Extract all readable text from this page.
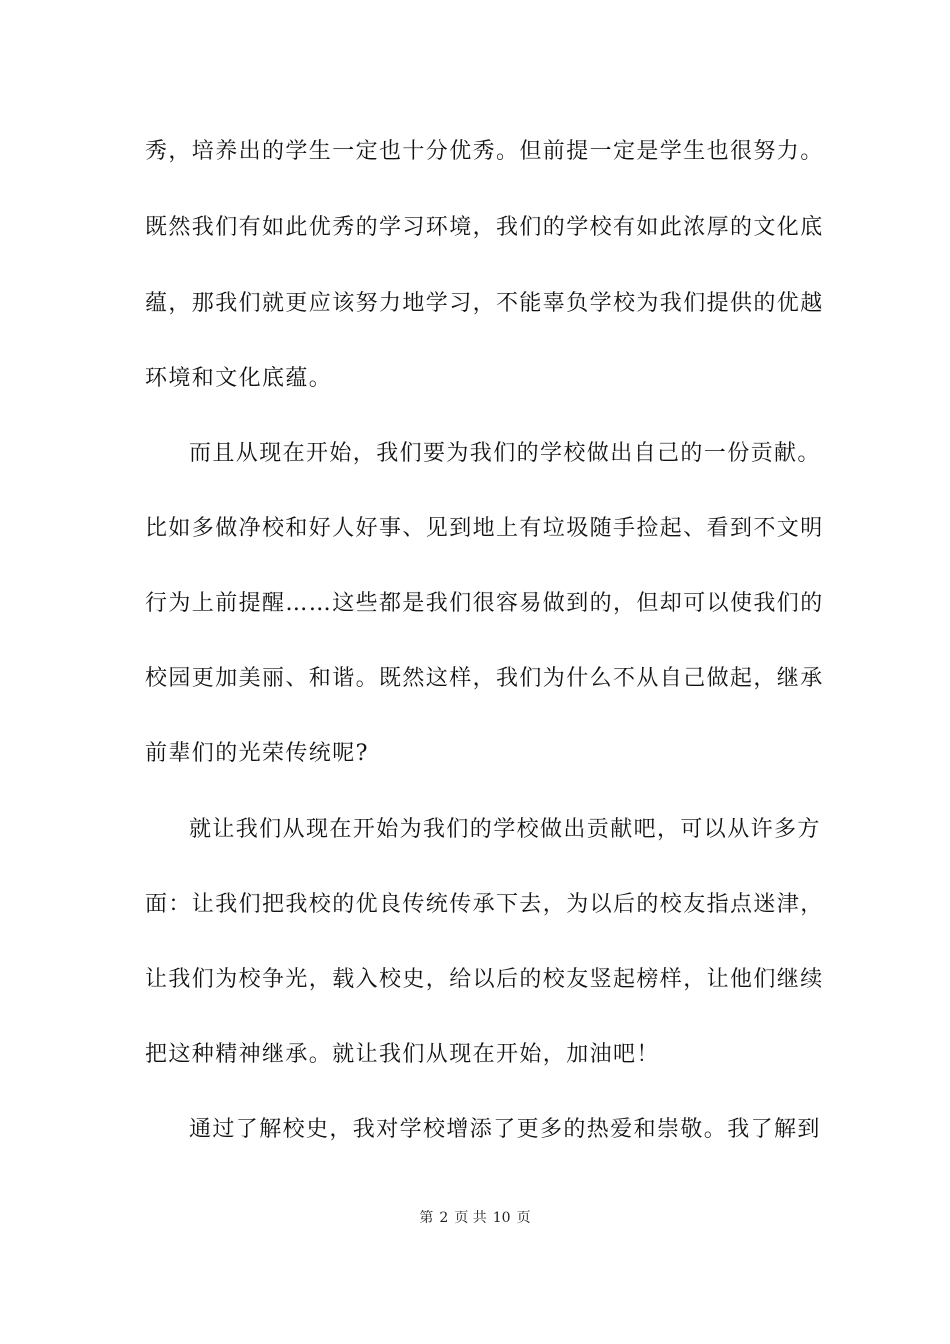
秀，培养出的学生一定也十分优秀。但前提一定是学生也很努力。
既然我们有如此优秀的学习环境，我们的学校有如此浓厚的文化底
蕴，那我们就更应该努力地学习，不能辜负学校为我们提供的优越
环境和文化底蕴。
而且从现在开始，我们要为我们的学校做出自己的一份贡献。
比如多做净校和好人好事、见到地上有垃圾随手捡起、看到不文明
行为上前提醒……这些都是我们很容易做到的，但却可以使我们的
校园更加美丽、和谐。既然这样，我们为什么不从自己做起，继承
前辈们的光荣传统呢?
就让我们从现在开始为我们的学校做出贡献吧，可以从许多方
面：让我们把我校的优良传统传承下去，为以后的校友指点迷津，
让我们为校争光，载入校史，给以后的校友竖起榜样，让他们继续
把这种精神继承。就让我们从现在开始，加油吧！
通过了解校史，我对学校增添了更多的热爱和崇敬。我了解到
第 2 页 共 10 页
